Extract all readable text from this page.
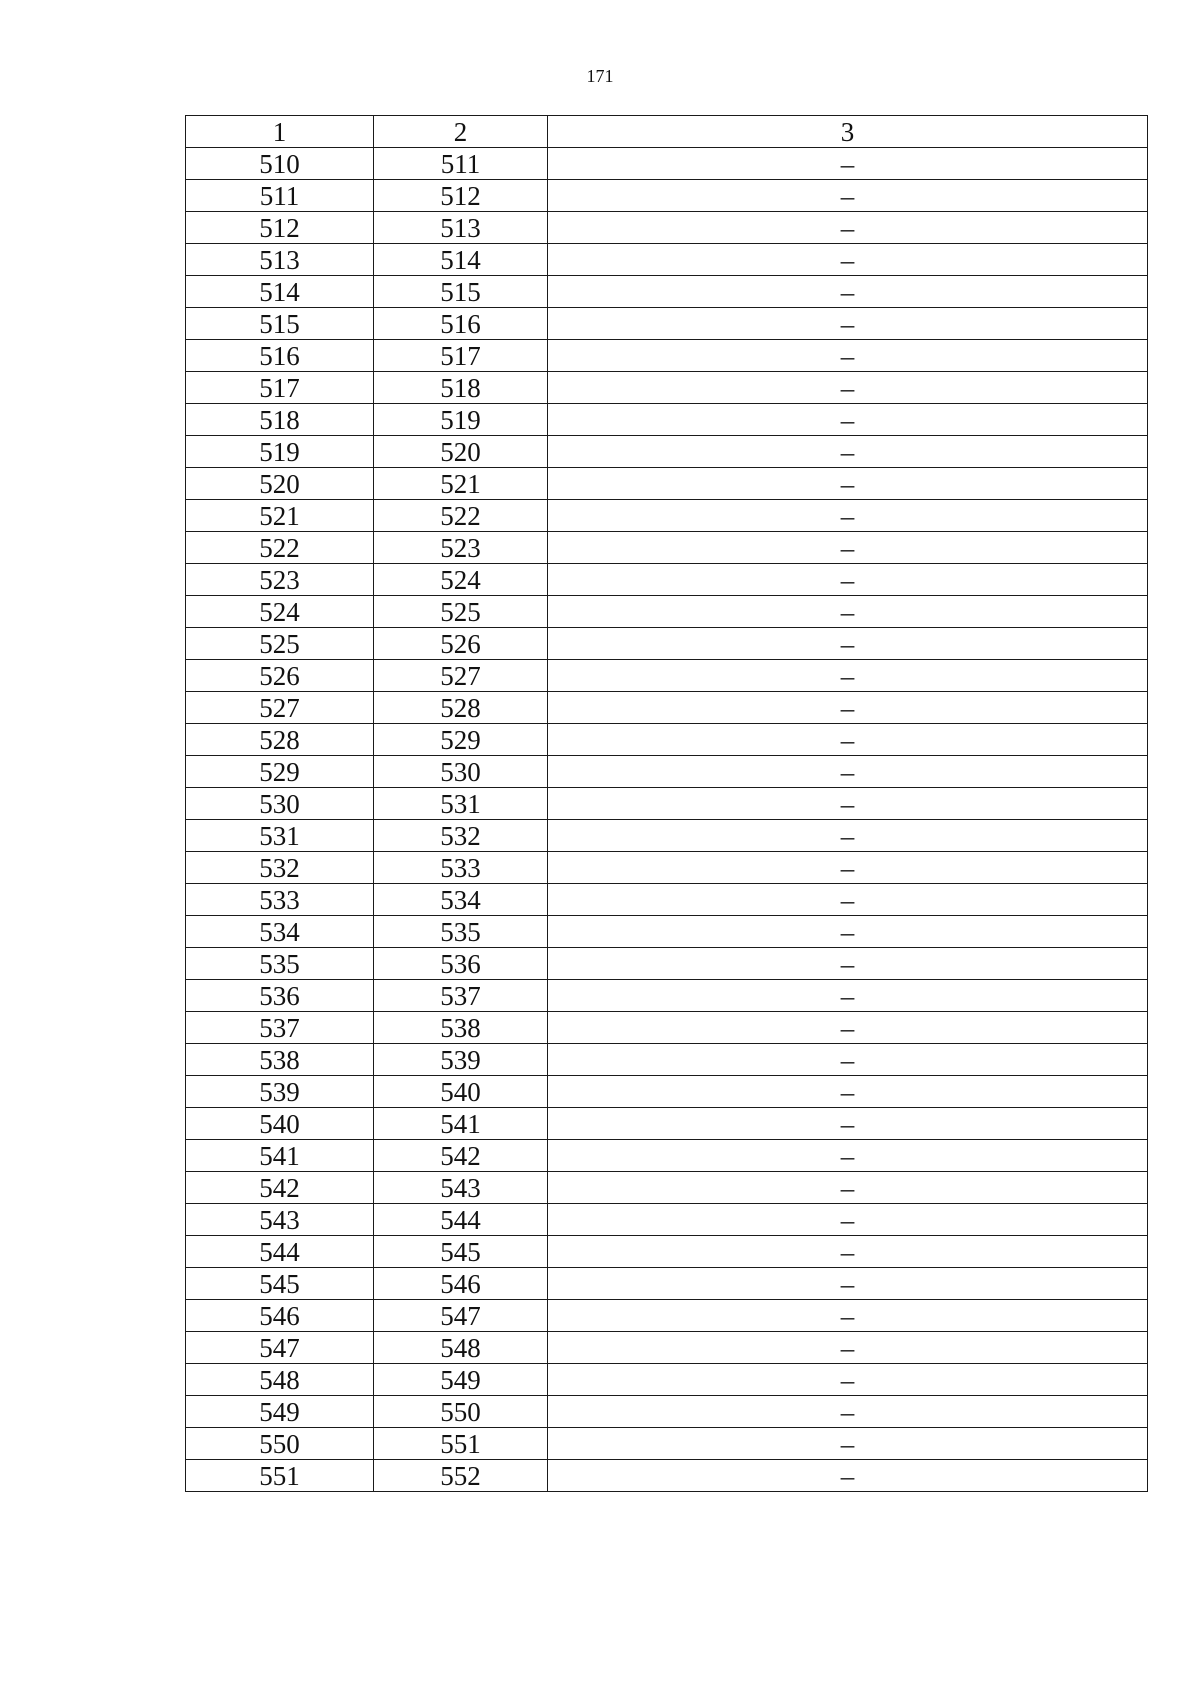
171
1	2	3
510	511	–
511	512	–
512	513	–
513	514	–
514	515	–
515	516	–
516	517	–
517	518	–
518	519	–
519	520	–
520	521	–
521	522	–
522	523	–
523	524	–
524	525	–
525	526	–
526	527	–
527	528	–
528	529	–
529	530	–
530	531	–
531	532	–
532	533	–
533	534	–
534	535	–
535	536	–
536	537	–
537	538	–
538	539	–
539	540	–
540	541	–
541	542	–
542	543	–
543	544	–
544	545	–
545	546	–
546	547	–
547	548	–
548	549	–
549	550	–
550	551	–
551	552	–
